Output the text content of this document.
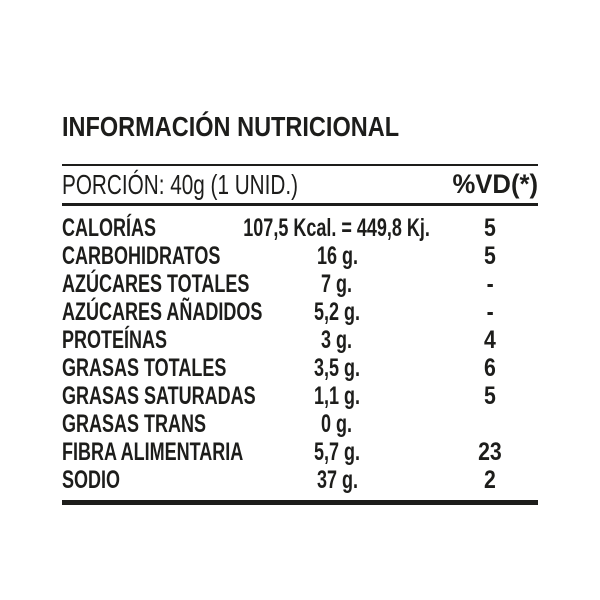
INFORMACIÓN NUTRICIONAL
PORCIÓN: 40g (1 UNID.)	%VD(*)
CALORÍAS	107,5 Kcal. = 449,8 Kj. 5
CARBOHIDRATOS	16 g.	5
AZÚCARES TOTALES	7 g.	-
AZÚCARES AÑADIDOS 5,2 g.	-
PROTEÍNAS	3 g.	4
GRASAS TOTALES	3,5 g.	6
GRASAS SATURADAS 1,1 g.	5
GRASAS TRANS	0 g.
FIBRA ALIMENTARIA	5,7 g.	23
SODIO	37 g.	2
